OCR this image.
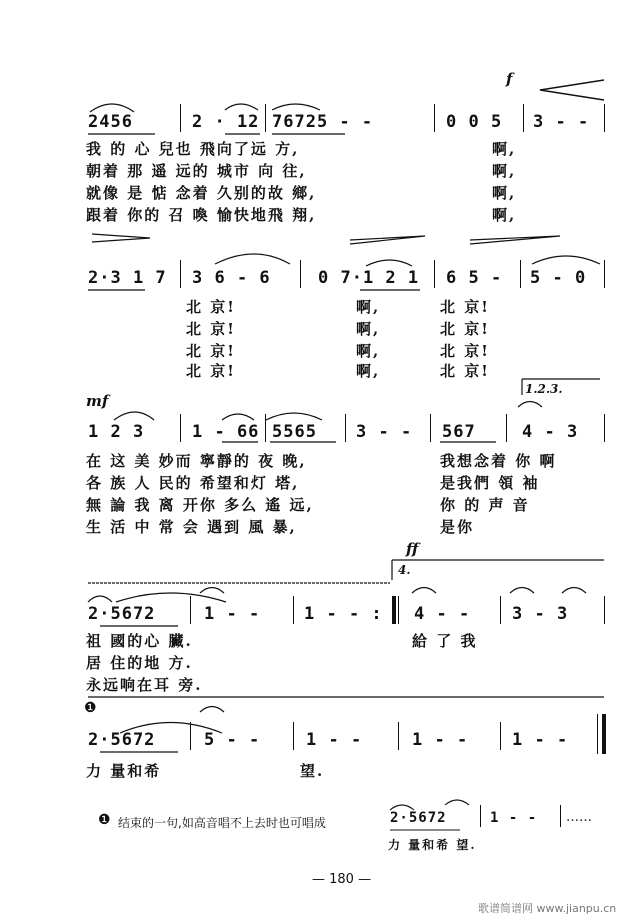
f
2456	2 · 12 76725 - -	0 0 5 3 - -
我 的 心 兒也 飛向了远 方,	啊,
朝着 那 遥 远的 城市 向 往,	啊,
就像 是 惦 念着 久别的故 鄉,	啊,
跟着 你的 召 喚 愉快地飛 翔,	啊,
2·3 1 7 3 6 - 6	0 7·1 2 1 6 5 - 5 - 0
北 京!	啊,	北 京!
北 京!	啊,	北 京!
北 京!	啊,	北 京!
北 京!	啊,	北 京!
mf
1.2.3.
1 2 3	1 - 66 5565 3 - - 567	4 - 3
在 这 美 妙而 寧靜的 夜 晚,	我想念着 你 啊
各 族 人 民的 希望和灯 塔,	是我們 領 袖
無 論 我 离 开你 多么 遙 远,	你 的 声 音
生 活 中 常 会 遇到 風 暴,	是你
ff
4.
2·5672	1 - -	1 - - : 4 - - 3 - 3
祖 國的心 臟.	給 了 我
居 住的地 方.
永远响在耳 旁.
❶
2·5672	5 - -	1 - -	1 - -	1 - -
力 量和希	望.
❶ 结束的一句,如高音唱不上去时也可唱成	2·5672	1 - - ……
力 量和希 望.
— 180 —
歌谱简谱网 www.jianpu.cn
